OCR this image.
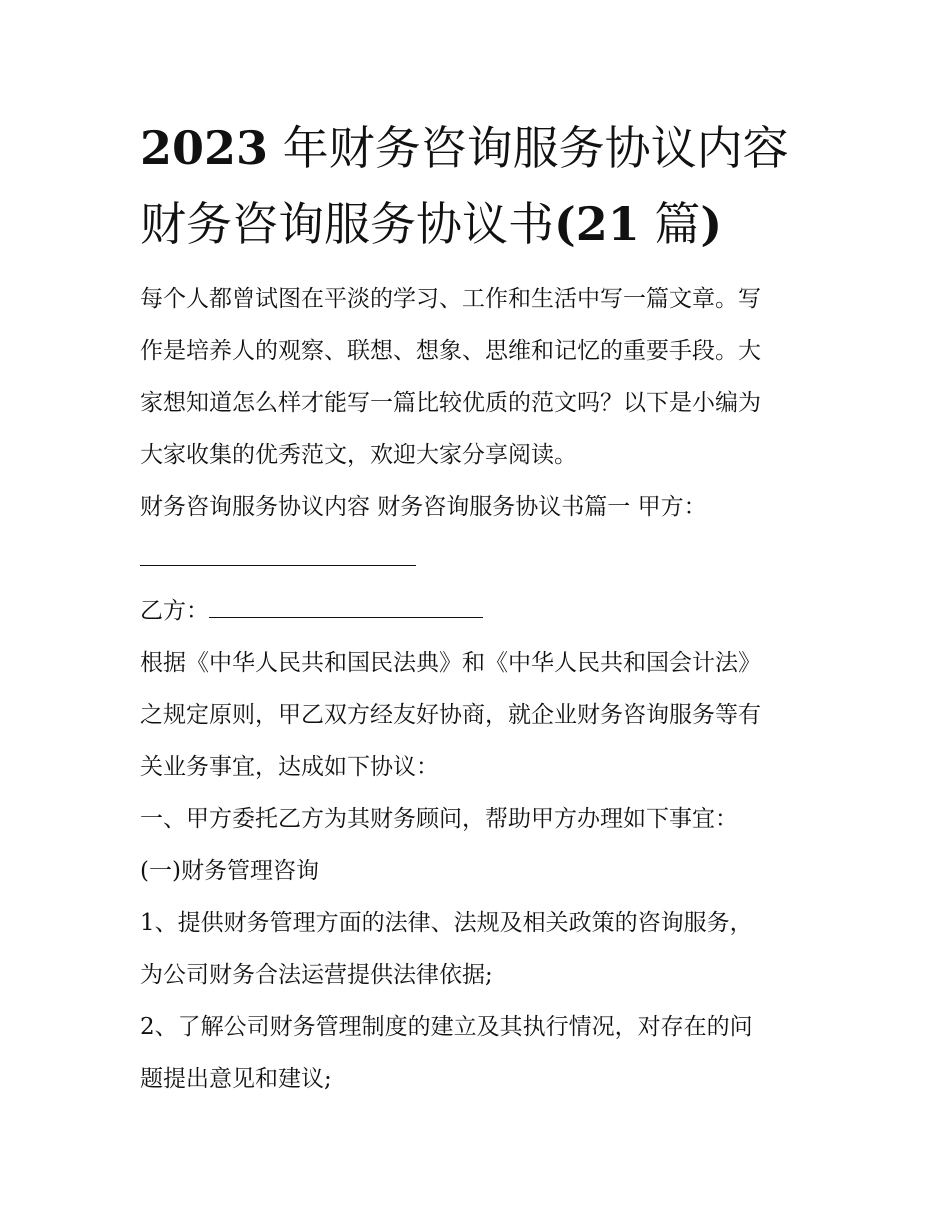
2023 年财务咨询服务协议内容
财务咨询服务协议书(21 篇)

每个人都曾试图在平淡的学习、工作和生活中写一篇文章。写

作是培养人的观察、联想、想象、思维和记忆的重要手段。大

家想知道怎么样才能写一篇比较优质的范文吗？以下是小编为

大家收集的优秀范文，欢迎大家分享阅读。

财务咨询服务协议内容 财务咨询服务协议书篇一 甲方：

乙方：

根据《中华人民共和国民法典》和《中华人民共和国会计法》

之规定原则，甲乙双方经友好协商，就企业财务咨询服务等有

关业务事宜，达成如下协议：

一、甲方委托乙方为其财务顾问，帮助甲方办理如下事宜：

(一)财务管理咨询

1、提供财务管理方面的法律、法规及相关政策的咨询服务，

为公司财务合法运营提供法律依据;

2、了解公司财务管理制度的建立及其执行情况，对存在的问

题提出意见和建议;
